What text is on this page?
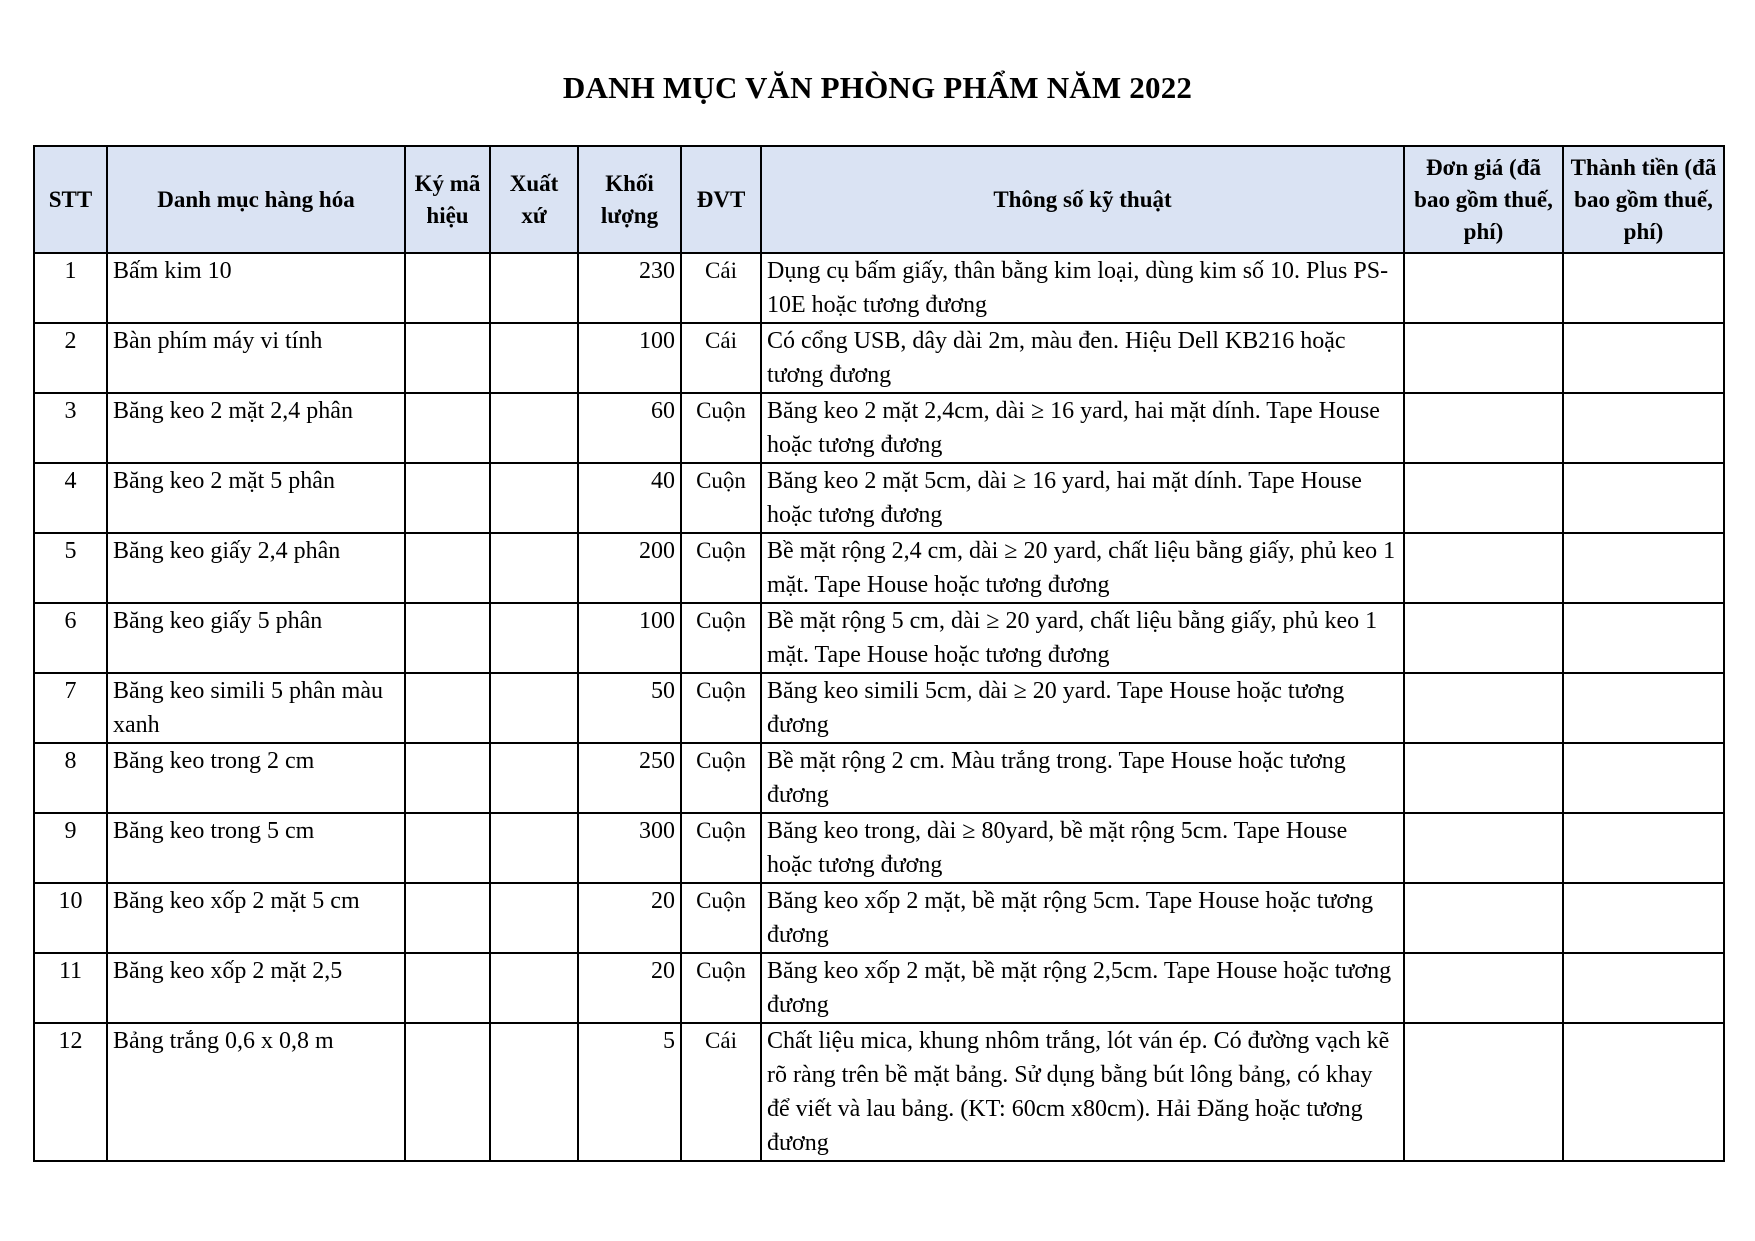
DANH MỤC VĂN PHÒNG PHẨM NĂM 2022
STT	Danh mục hàng hóa	Ký mã hiệu	Xuất xứ	Khối lượng	ĐVT	Thông số kỹ thuật	Đơn giá (đã bao gồm thuế, phí)	Thành tiền (đã bao gồm thuế, phí)
1	Bấm kim 10			230	Cái	Dụng cụ bấm giấy, thân bằng kim loại, dùng kim số 10. Plus PS-10E hoặc tương đương		
2	Bàn phím máy vi tính			100	Cái	Có cổng USB, dây dài 2m, màu đen. Hiệu Dell KB216 hoặc tương đương		
3	Băng keo 2 mặt 2,4 phân			60	Cuộn	Băng keo 2 mặt 2,4cm, dài ≥ 16 yard, hai mặt dính. Tape House hoặc tương đương		
4	Băng keo 2 mặt 5 phân			40	Cuộn	Băng keo 2 mặt 5cm, dài ≥ 16 yard, hai mặt dính. Tape House hoặc tương đương		
5	Băng keo giấy 2,4 phân			200	Cuộn	Bề mặt rộng 2,4 cm, dài ≥ 20 yard, chất liệu bằng giấy, phủ keo 1 mặt. Tape House hoặc tương đương		
6	Băng keo giấy 5 phân			100	Cuộn	Bề mặt rộng 5 cm, dài ≥ 20 yard, chất liệu bằng giấy, phủ keo 1 mặt. Tape House hoặc tương đương		
7	Băng keo simili 5 phân màu xanh			50	Cuộn	Băng keo simili 5cm, dài ≥ 20 yard. Tape House hoặc tương đương		
8	Băng keo trong 2 cm			250	Cuộn	Bề mặt rộng 2 cm. Màu trắng trong. Tape House hoặc tương đương		
9	Băng keo trong 5 cm			300	Cuộn	Băng keo trong, dài ≥ 80yard, bề mặt rộng 5cm. Tape House hoặc tương đương		
10	Băng keo xốp 2 mặt 5 cm			20	Cuộn	Băng keo xốp 2 mặt, bề mặt rộng 5cm. Tape House hoặc tương đương		
11	Băng keo xốp 2 mặt 2,5			20	Cuộn	Băng keo xốp 2 mặt, bề mặt rộng 2,5cm. Tape House hoặc tương đương		
12	Bảng trắng 0,6 x 0,8 m			5	Cái	Chất liệu mica, khung nhôm trắng, lót ván ép. Có đường vạch kẽ rõ ràng trên bề mặt bảng. Sử dụng bằng bút lông bảng, có khay để viết và lau bảng. (KT: 60cm x80cm). Hải Đăng hoặc tương đương		
